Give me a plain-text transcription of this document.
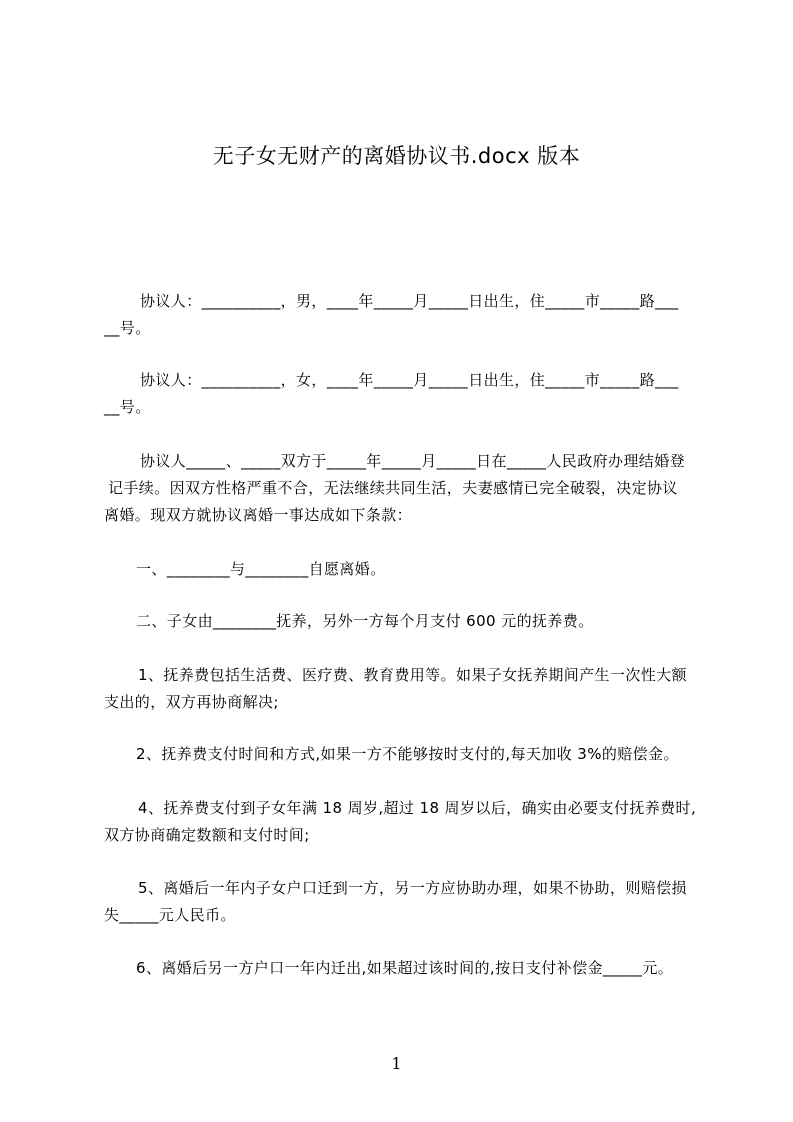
无子女无财产的离婚协议书.docx 版本
协议人：__________，男，____年_____月_____日出生，住_____市_____路___
__号。
协议人：__________，女，____年_____月_____日出生，住_____市_____路___
__号。
协议人_____、_____双方于_____年_____月_____日在_____人民政府办理结婚登
记手续。因双方性格严重不合，无法继续共同生活，夫妻感情已完全破裂，决定协议
离婚。现双方就协议离婚一事达成如下条款：
一、________与________自愿离婚。
二、子女由________抚养，另外一方每个月支付 600 元的抚养费。
1、抚养费包括生活费、医疗费、教育费用等。如果子女抚养期间产生一次性大额
支出的，双方再协商解决;
2、抚养费支付时间和方式,如果一方不能够按时支付的,每天加收 3%的赔偿金。
4、抚养费支付到子女年满 18 周岁,超过 18 周岁以后，确实由必要支付抚养费时,
双方协商确定数额和支付时间;
5、离婚后一年内子女户口迁到一方，另一方应协助办理，如果不协助，则赔偿损
失_____元人民币。
6、离婚后另一方户口一年内迁出,如果超过该时间的,按日支付补偿金_____元。
1
